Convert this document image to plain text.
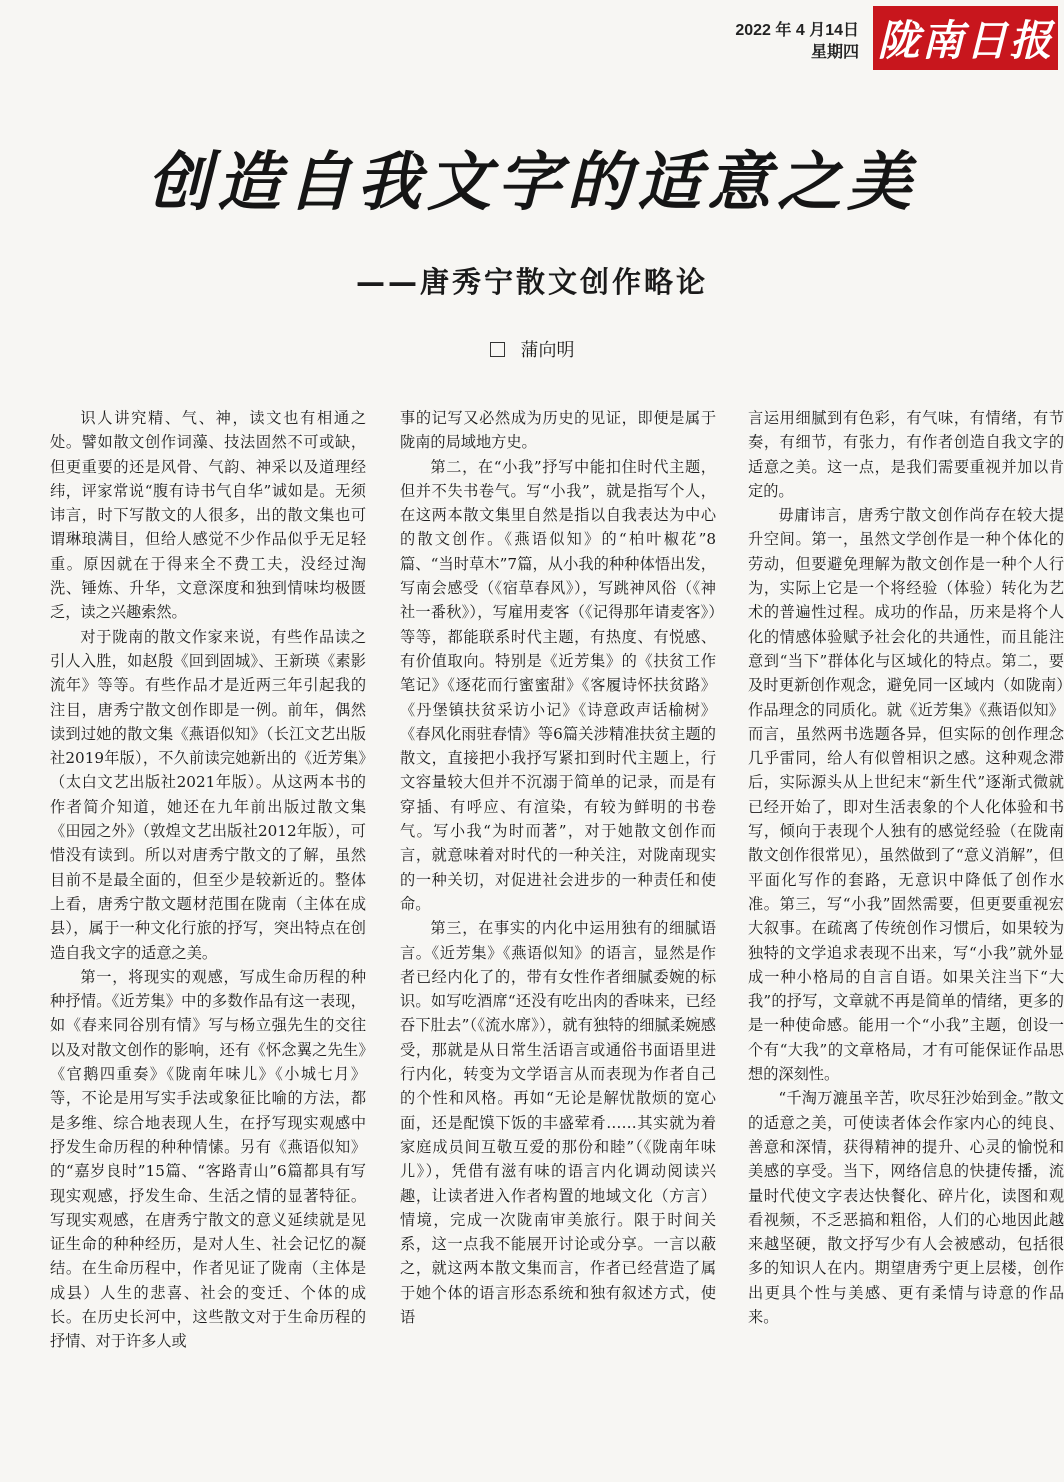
2022 年 4 月14日
星期四 陇南日报
创造自我文字的适意之美
——唐秀宁散文创作略论
蒲向明

识人讲究精、气、神，读文也有相通之处。譬如散文创作词藻、技法固然不可或缺，但更重要的还是风骨、气韵、神采以及道理经纬，评家常说“腹有诗书气自华”诚如是。无须讳言，时下写散文的人很多，出的散文集也可谓琳琅满目，但给人感觉不少作品似乎无足轻重。原因就在于得来全不费工夫，没经过淘洗、锤炼、升华，文意深度和独到情味均极匮乏，读之兴趣索然。

对于陇南的散文作家来说，有些作品读之引人入胜，如赵殷《回到固城》、王新瑛《素影流年》等等。有些作品才是近两三年引起我的注目，唐秀宁散文创作即是一例。前年，偶然读到过她的散文集《燕语似知》（长江文艺出版社2019年版），不久前读完她新出的《近芳集》（太白文艺出版社2021年版）。从这两本书的作者简介知道，她还在九年前出版过散文集《田园之外》（敦煌文艺出版社2012年版），可惜没有读到。所以对唐秀宁散文的了解，虽然目前不是最全面的，但至少是较新近的。整体上看，唐秀宁散文题材范围在陇南（主体在成县），属于一种文化行旅的抒写，突出特点在创造自我文字的适意之美。

第一，将现实的观感，写成生命历程的种种抒情。《近芳集》中的多数作品有这一表现，如《春来同谷別有情》写与杨立强先生的交往以及对散文创作的影响，还有《怀念翼之先生》《官鹅四重奏》《陇南年味儿》《小城七月》等，不论是用写实手法或象征比喻的方法，都是多维、综合地表现人生，在抒写现实观感中抒发生命历程的种种情愫。另有《燕语似知》的“嘉岁良时”15篇、“客路青山”6篇都具有写现实观感，抒发生命、生活之情的显著特征。写现实观感，在唐秀宁散文的意义延续就是见证生命的种种经历，是对人生、社会记忆的凝结。在生命历程中，作者见证了陇南（主体是成县）人生的悲喜、社会的变迁、个体的成长。在历史长河中，这些散文对于生命历程的抒情、对于许多人或

事的记写又必然成为历史的见证，即便是属于陇南的局域地方史。

第二，在“小我”抒写中能扣住时代主题，但并不失书卷气。写“小我”，就是指写个人，在这两本散文集里自然是指以自我表达为中心的散文创作。《燕语似知》的“柏叶椒花”8篇、“当时草木”7篇，从小我的种种体悟出发，写南会感受（《宿草春风》），写跳神风俗（《神社一番秋》），写雇用麦客（《记得那年请麦客》）等等，都能联系时代主题，有热度、有悦感、有价值取向。特别是《近芳集》的《扶贫工作笔记》《逐花而行蜜蜜甜》《客履诗怀扶贫路》《丹堡镇扶贫采访小记》《诗意政声话榆树》《春风化雨驻春情》等6篇关涉精准扶贫主题的散文，直接把小我抒写紧扣到时代主题上，行文容量较大但并不沉溺于简单的记录，而是有穿插、有呼应、有渲染，有较为鲜明的书卷气。写小我“为时而著”，对于她散文创作而言，就意味着对时代的一种关注，对陇南现实的一种关切，对促进社会进步的一种责任和使命。

第三，在事实的内化中运用独有的细腻语言。《近芳集》《燕语似知》的语言，显然是作者已经内化了的，带有女性作者细腻委婉的标识。如写吃酒席“还没有吃出肉的香味来，已经吞下肚去”（《流水席》），就有独特的细腻柔婉感受，那就是从日常生活语言或通俗书面语里进行内化，转变为文学语言从而表现为作者自己的个性和风格。再如“无论是解忧散烦的宽心面，还是配馍下饭的丰盛荤肴……其实就为着家庭成员间互敬互爱的那份和睦”（《陇南年味儿》），凭借有滋有味的语言内化调动阅读兴趣，让读者进入作者构置的地域文化（方言）情境，完成一次陇南审美旅行。限于时间关系，这一点我不能展开讨论或分享。一言以蔽之，就这两本散文集而言，作者已经营造了属于她个体的语言形态系统和独有叙述方式，使语

言运用细腻到有色彩，有气味，有情绪，有节奏，有细节，有张力，有作者创造自我文字的适意之美。这一点，是我们需要重视并加以肯定的。

毋庸讳言，唐秀宁散文创作尚存在较大提升空间。第一，虽然文学创作是一种个体化的劳动，但要避免理解为散文创作是一种个人行为，实际上它是一个将经验（体验）转化为艺术的普遍性过程。成功的作品，历来是将个人化的情感体验赋予社会化的共通性，而且能注意到“当下”群体化与区域化的特点。第二，要及时更新创作观念，避免同一区域内（如陇南）作品理念的同质化。就《近芳集》《燕语似知》而言，虽然两书选题各异，但实际的创作理念几乎雷同，给人有似曾相识之感。这种观念滞后，实际源头从上世纪末“新生代”逐渐式微就已经开始了，即对生活表象的个人化体验和书写，倾向于表现个人独有的感觉经验（在陇南散文创作很常见），虽然做到了“意义消解”，但平面化写作的套路，无意识中降低了创作水准。第三，写“小我”固然需要，但更要重视宏大叙事。在疏离了传统创作习惯后，如果较为独特的文学追求表现不出来，写“小我”就外显成一种小格局的自言自语。如果关注当下“大我”的抒写，文章就不再是简单的情绪，更多的是一种使命感。能用一个“小我”主题，创设一个有“大我”的文章格局，才有可能保证作品思想的深刻性。

“千淘万漉虽辛苦，吹尽狂沙始到金。”散文的适意之美，可使读者体会作家内心的纯良、善意和深情，获得精神的提升、心灵的愉悦和美感的享受。当下，网络信息的快捷传播，流量时代使文字表达快餐化、碎片化，读图和观看视频，不乏恶搞和粗俗，人们的心地因此越来越坚硬，散文抒写少有人会被感动，包括很多的知识人在内。期望唐秀宁更上层楼，创作出更具个性与美感、更有柔情与诗意的作品来。
